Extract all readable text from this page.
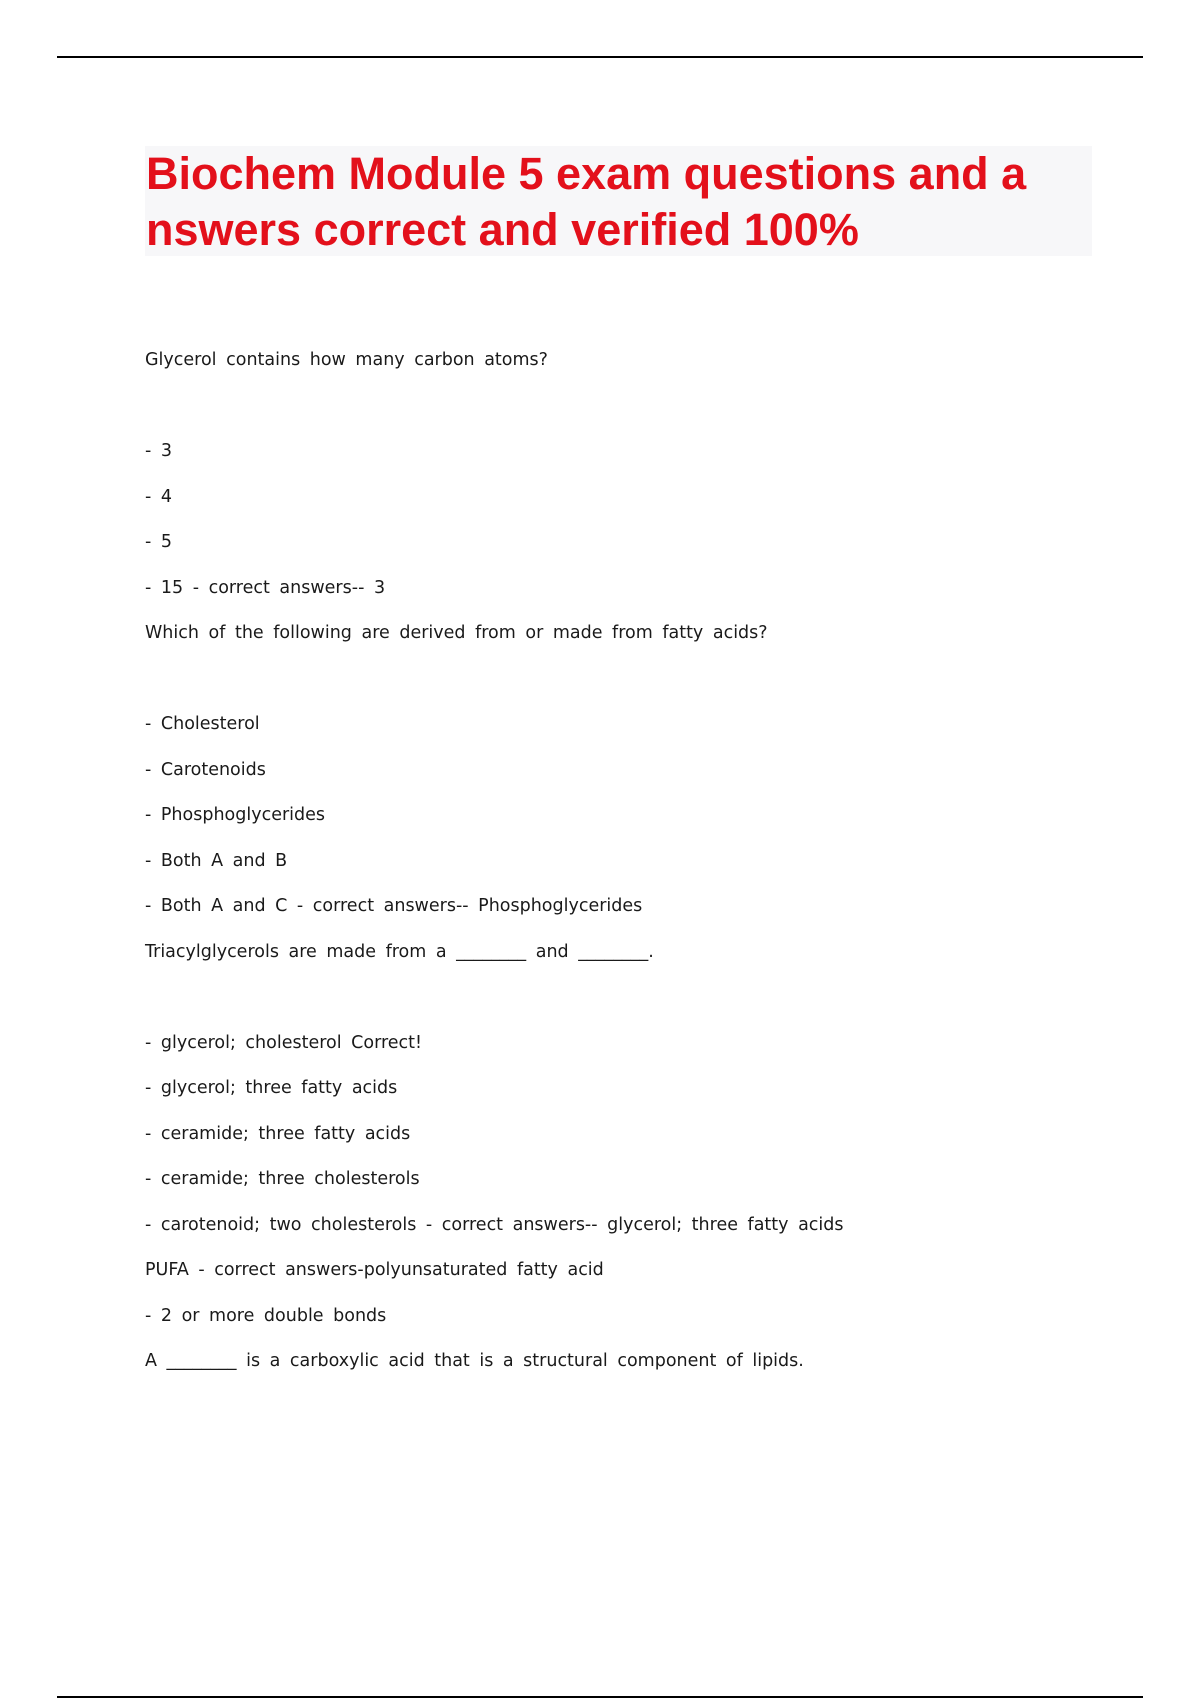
Biochem Module 5 exam questions and a
nswers correct and verified 100%

Glycerol contains how many carbon atoms?

- 3

- 4

- 5

- 15 - correct answers-- 3

Which of the following are derived from or made from fatty acids?

- Cholesterol

- Carotenoids

- Phosphoglycerides

- Both A and B

- Both A and C - correct answers-- Phosphoglycerides

Triacylglycerols are made from a ________ and ________.

- glycerol; cholesterol Correct!

- glycerol; three fatty acids

- ceramide; three fatty acids

- ceramide; three cholesterols

- carotenoid; two cholesterols - correct answers-- glycerol; three fatty acids

PUFA - correct answers-polyunsaturated fatty acid

- 2 or more double bonds

A ________ is a carboxylic acid that is a structural component of lipids.
